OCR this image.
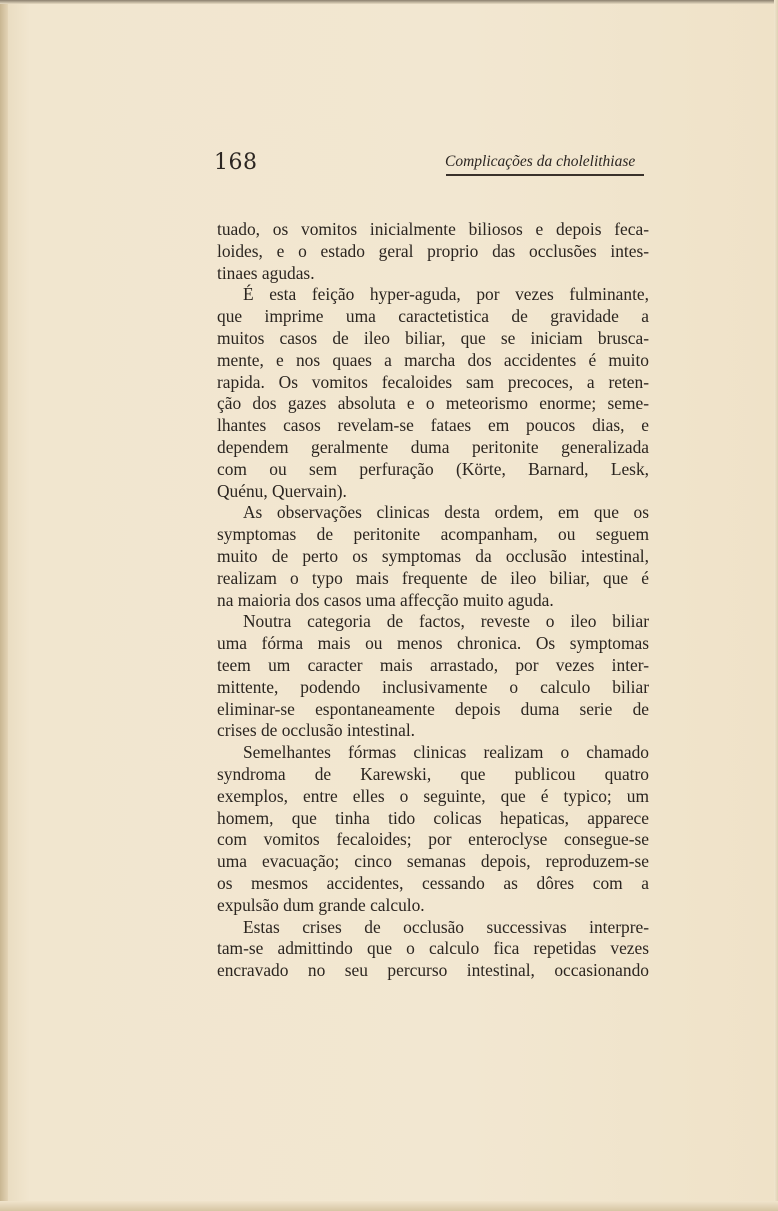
168	Complicações da cholelithiase
tuado, os vomitos inicialmente biliosos e depois feca-
loides, e o estado geral proprio das occlusões intes-
tinaes agudas.
É esta feição hyper-aguda, por vezes fulminante,
que imprime uma caractetistica de gravidade a
muitos casos de ileo biliar, que se iniciam brusca-
mente, e nos quaes a marcha dos accidentes é muito
rapida. Os vomitos fecaloides sam precoces, a reten-
ção dos gazes absoluta e o meteorismo enorme; seme-
lhantes casos revelam-se fataes em poucos dias, e
dependem geralmente duma peritonite generalizada
com ou sem perfuração (Körte, Barnard, Lesk,
Quénu, Quervain).
As observações clinicas desta ordem, em que os
symptomas de peritonite acompanham, ou seguem
muito de perto os symptomas da occlusão intestinal,
realizam o typo mais frequente de ileo biliar, que é
na maioria dos casos uma affecção muito aguda.
Noutra categoria de factos, reveste o ileo biliar
uma fórma mais ou menos chronica. Os symptomas
teem um caracter mais arrastado, por vezes inter-
mittente, podendo inclusivamente o calculo biliar
eliminar-se espontaneamente depois duma serie de
crises de occlusão intestinal.
Semelhantes fórmas clinicas realizam o chamado
syndroma de Karewski, que publicou quatro
exemplos, entre elles o seguinte, que é typico; um
homem, que tinha tido colicas hepaticas, apparece
com vomitos fecaloides; por enteroclyse consegue-se
uma evacuação; cinco semanas depois, reproduzem-se
os mesmos accidentes, cessando as dôres com a
expulsão dum grande calculo.
Estas crises de occlusão successivas interpre-
tam-se admittindo que o calculo fica repetidas vezes
encravado no seu percurso intestinal, occasionando
